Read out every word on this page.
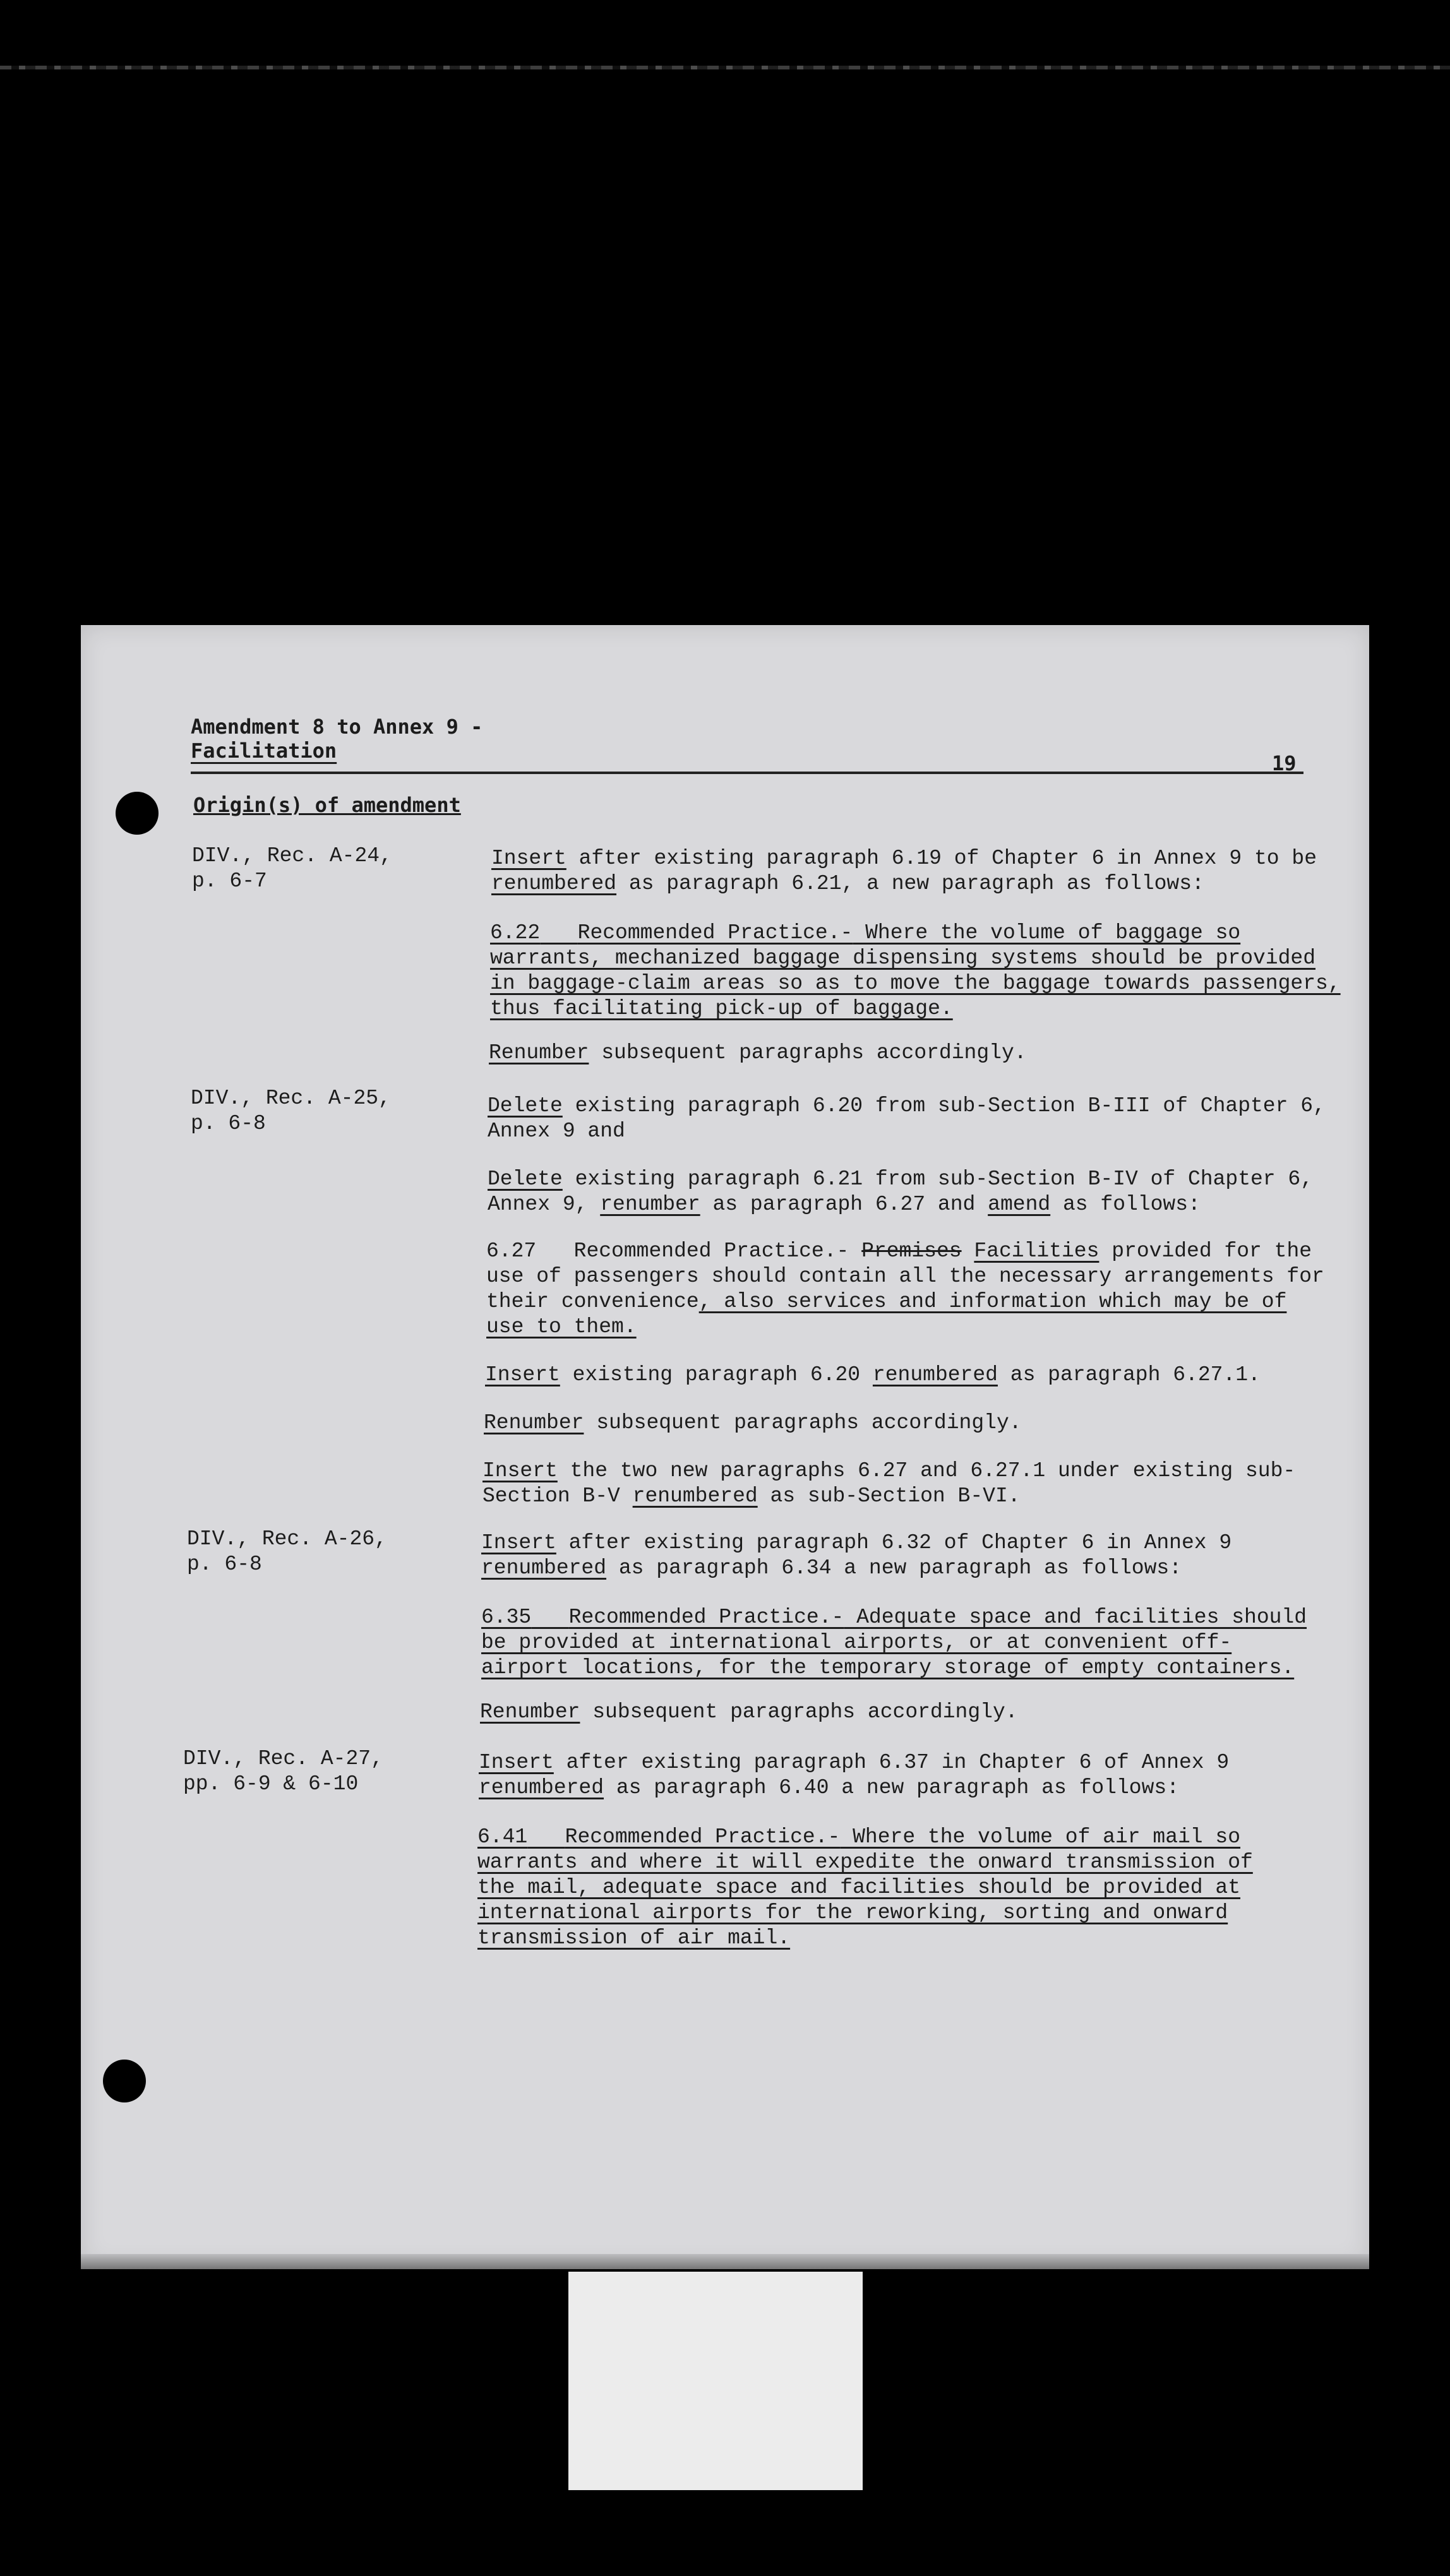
Amendment 8 to Annex 9 -
Facilitation
19
Origin(s) of amendment
DIV., Rec. A-24,
p. 6-7
DIV., Rec. A-25,
p. 6-8
DIV., Rec. A-26,
p. 6-8
DIV., Rec. A-27,
pp. 6-9 & 6-10
Insert after existing paragraph 6.19 of Chapter 6 in Annex 9 to be
renumbered as paragraph 6.21, a new paragraph as follows:
6.22 Recommended Practice.- Where the volume of baggage so
warrants, mechanized baggage dispensing systems should be provided
in baggage-claim areas so as to move the baggage towards passengers,
thus facilitating pick-up of baggage.
Renumber subsequent paragraphs accordingly.
Delete existing paragraph 6.20 from sub-Section B-III of Chapter 6,
Annex 9 and
Delete existing paragraph 6.21 from sub-Section B-IV of Chapter 6,
Annex 9, renumber as paragraph 6.27 and amend as follows:
6.27 Recommended Practice.- Premises Facilities provided for the
use of passengers should contain all the necessary arrangements for
their convenience, also services and information which may be of
use to them.
Insert existing paragraph 6.20 renumbered as paragraph 6.27.1.
Renumber subsequent paragraphs accordingly.
Insert the two new paragraphs 6.27 and 6.27.1 under existing sub-
Section B-V renumbered as sub-Section B-VI.
Insert after existing paragraph 6.32 of Chapter 6 in Annex 9
renumbered as paragraph 6.34 a new paragraph as follows:
6.35 Recommended Practice.- Adequate space and facilities should
be provided at international airports, or at convenient off-
airport locations, for the temporary storage of empty containers.
Renumber subsequent paragraphs accordingly.
Insert after existing paragraph 6.37 in Chapter 6 of Annex 9
renumbered as paragraph 6.40 a new paragraph as follows:
6.41 Recommended Practice.- Where the volume of air mail so
warrants and where it will expedite the onward transmission of
the mail, adequate space and facilities should be provided at
international airports for the reworking, sorting and onward
transmission of air mail.
